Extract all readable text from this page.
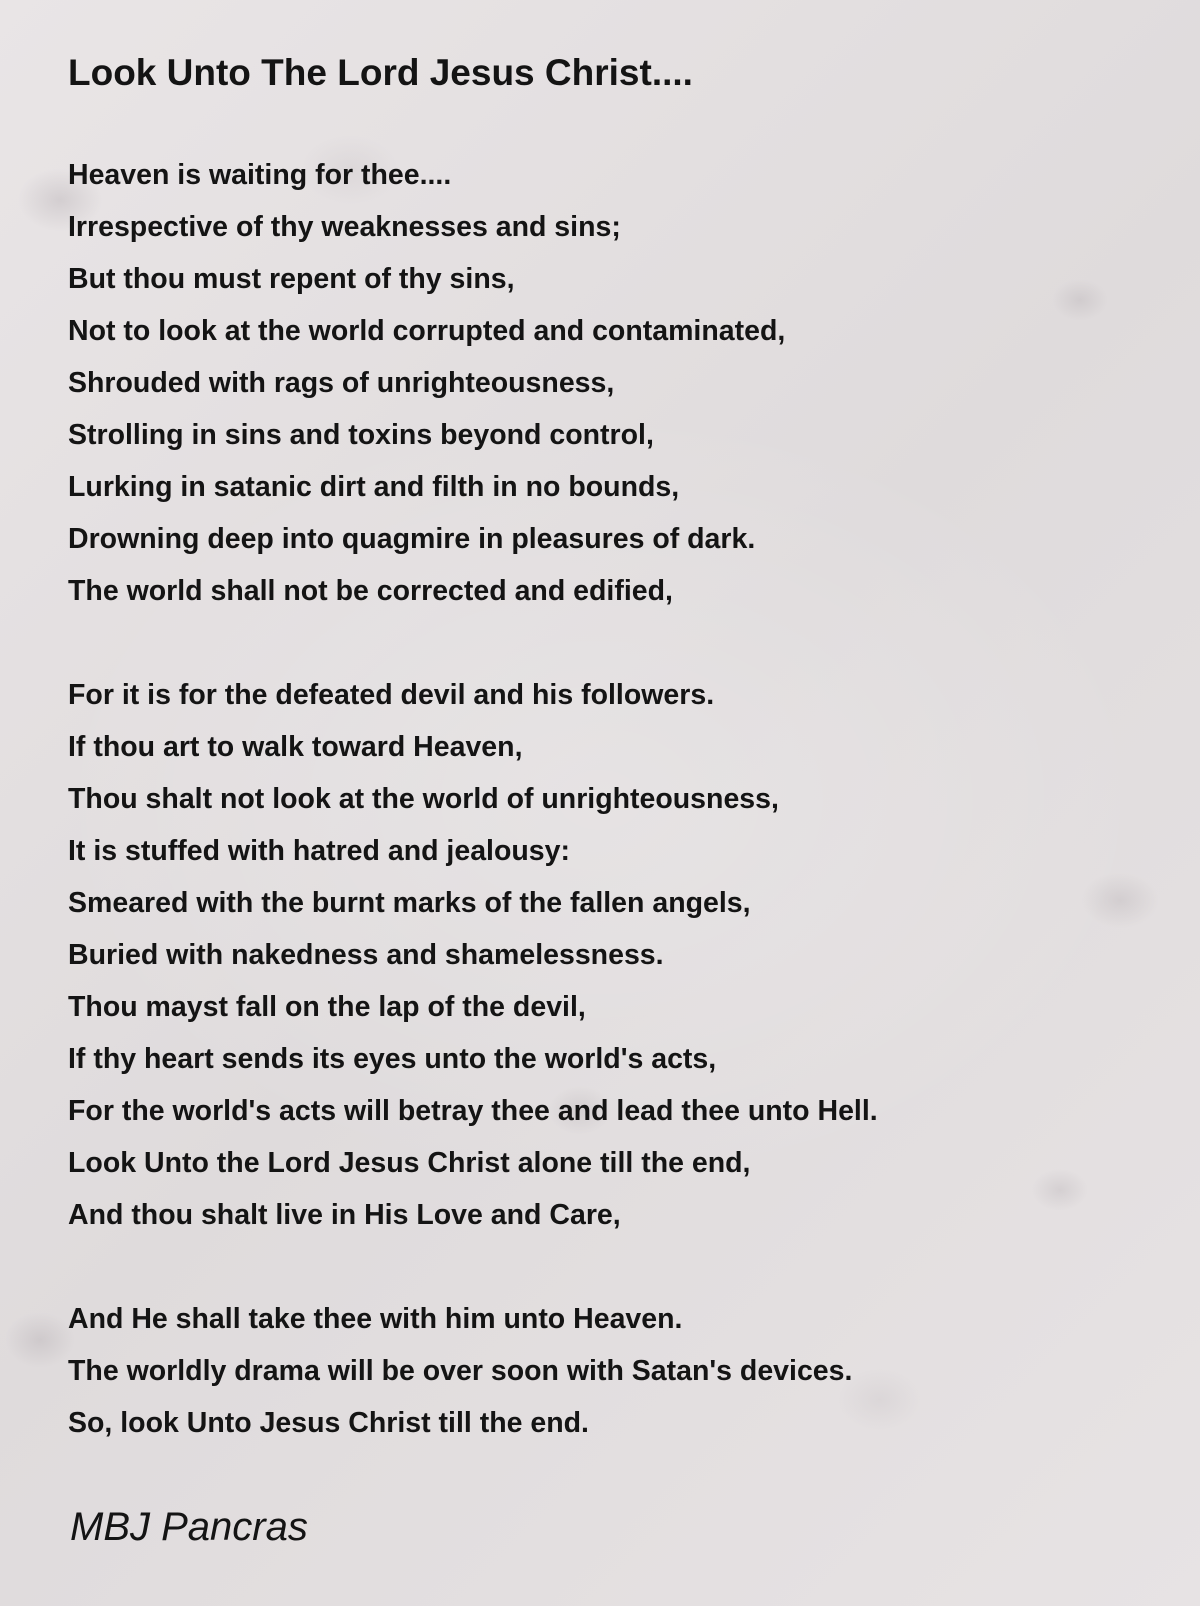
Look Unto The Lord Jesus Christ....
Heaven is waiting for thee....
Irrespective of thy weaknesses and sins;
But thou must repent of thy sins,
Not to look at the world corrupted and contaminated,
Shrouded with rags of unrighteousness,
Strolling in sins and toxins beyond control,
Lurking in satanic dirt and filth in no bounds,
Drowning deep into quagmire in pleasures of dark.
The world shall not be corrected and edified,
For it is for the defeated devil and his followers.
If thou art to walk toward Heaven,
Thou shalt not look at the world of unrighteousness,
It is stuffed with hatred and jealousy:
Smeared with the burnt marks of the fallen angels,
Buried with nakedness and shamelessness.
Thou mayst fall on the lap of the devil,
If thy heart sends its eyes unto the world's acts,
For the world's acts will betray thee and lead thee unto Hell.
Look Unto the Lord Jesus Christ alone till the end,
And thou shalt live in His Love and Care,
And He shall take thee with him unto Heaven.
The worldly drama will be over soon with Satan's devices.
So, look Unto Jesus Christ till the end.
MBJ Pancras
